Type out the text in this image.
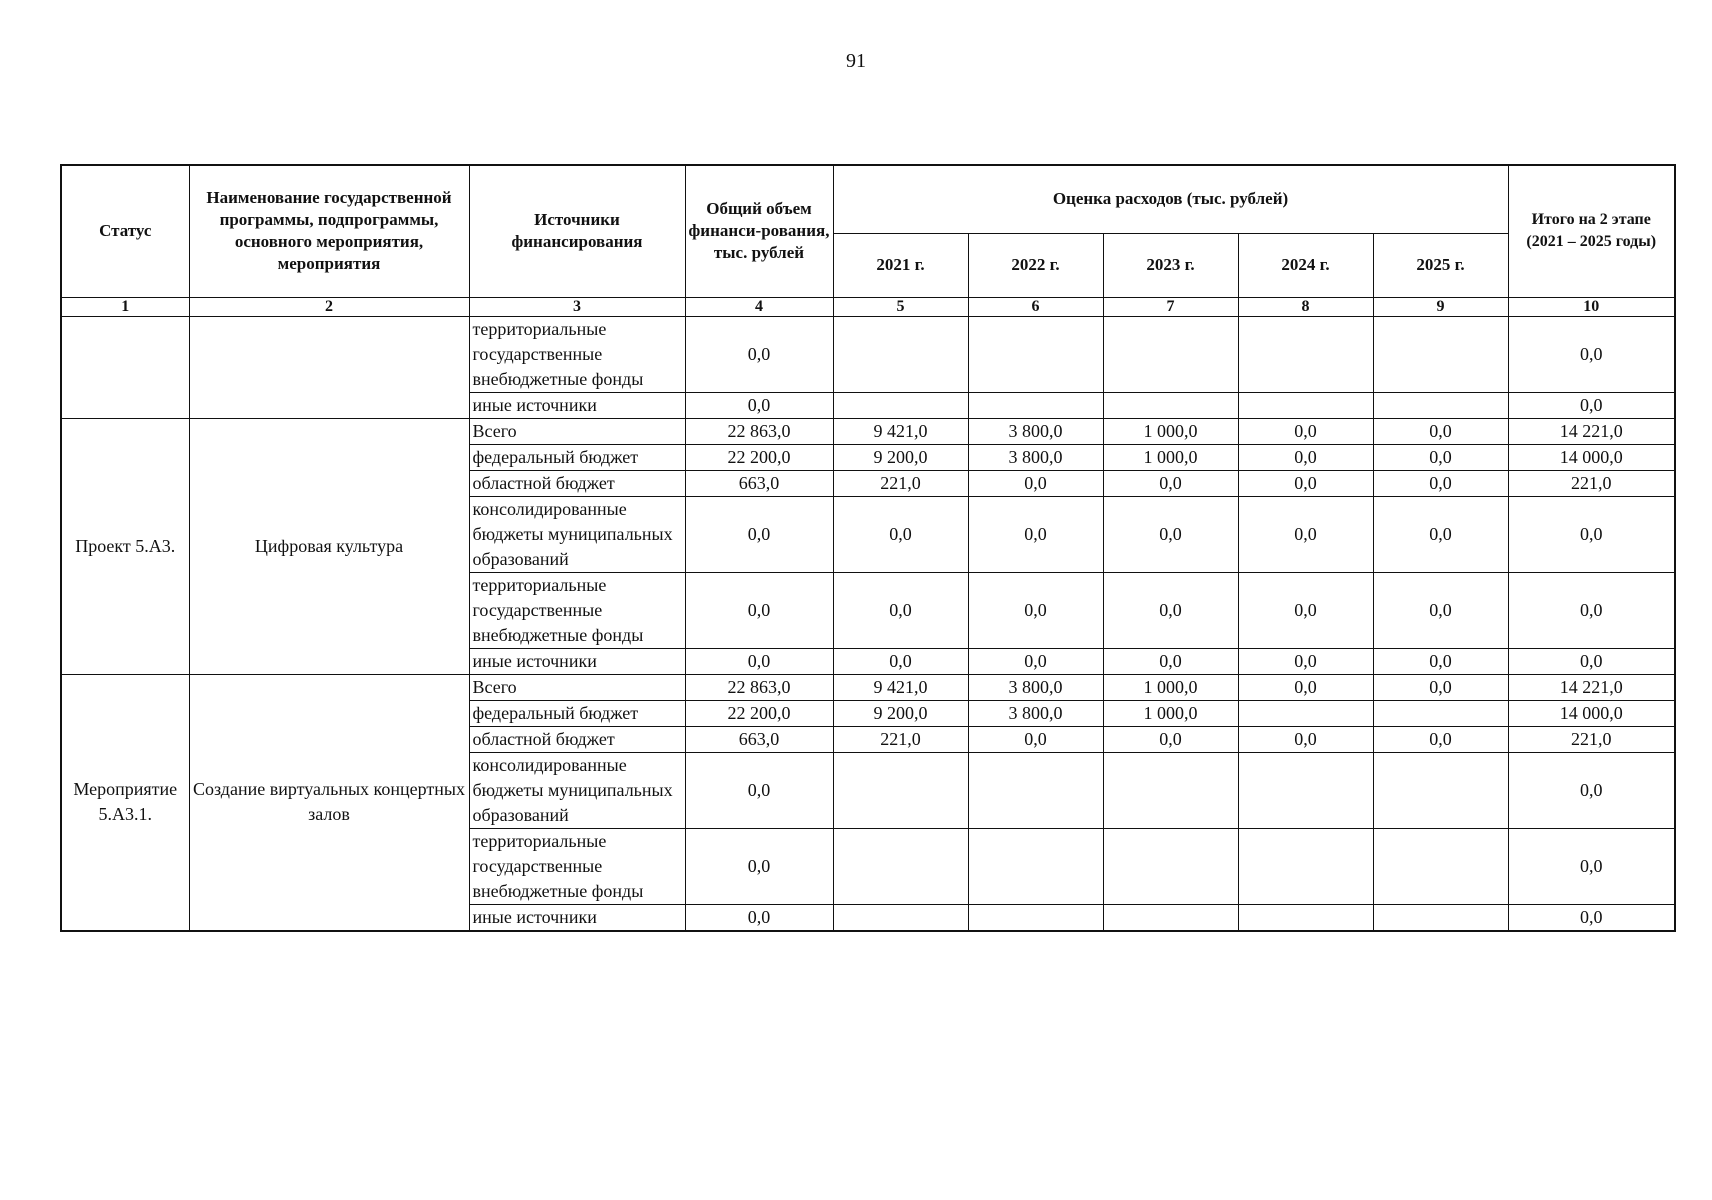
91
Статус	Наименование государственной программы, подпрограммы, основного мероприятия, мероприятия	Источники финансирования	Общий объем финанси-рования, тыс. рублей	Оценка расходов (тыс. рублей)					Итого на 2 этапе (2021 – 2025 годы)
				2021 г.	2022 г.	2023 г.	2024 г.	2025 г.	
1	2	3	4	5	6	7	8	9	10
		территориальные государственные внебюджетные фонды	0,0						0,0
		иные источники	0,0						0,0
Проект 5.А3.	Цифровая культура	Всего	22 863,0	9 421,0	3 800,0	1 000,0	0,0	0,0	14 221,0
		федеральный бюджет	22 200,0	9 200,0	3 800,0	1 000,0	0,0	0,0	14 000,0
		областной бюджет	663,0	221,0	0,0	0,0	0,0	0,0	221,0
		консолидированные бюджеты муниципальных образований	0,0	0,0	0,0	0,0	0,0	0,0	0,0
		территориальные государственные внебюджетные фонды	0,0	0,0	0,0	0,0	0,0	0,0	0,0
		иные источники	0,0	0,0	0,0	0,0	0,0	0,0	0,0
Мероприятие 5.А3.1.	Создание виртуальных концертных залов	Всего	22 863,0	9 421,0	3 800,0	1 000,0	0,0	0,0	14 221,0
		федеральный бюджет	22 200,0	9 200,0	3 800,0	1 000,0			14 000,0
		областной бюджет	663,0	221,0	0,0	0,0	0,0	0,0	221,0
		консолидированные бюджеты муниципальных образований	0,0						0,0
		территориальные государственные внебюджетные фонды	0,0						0,0
		иные источники	0,0						0,0
